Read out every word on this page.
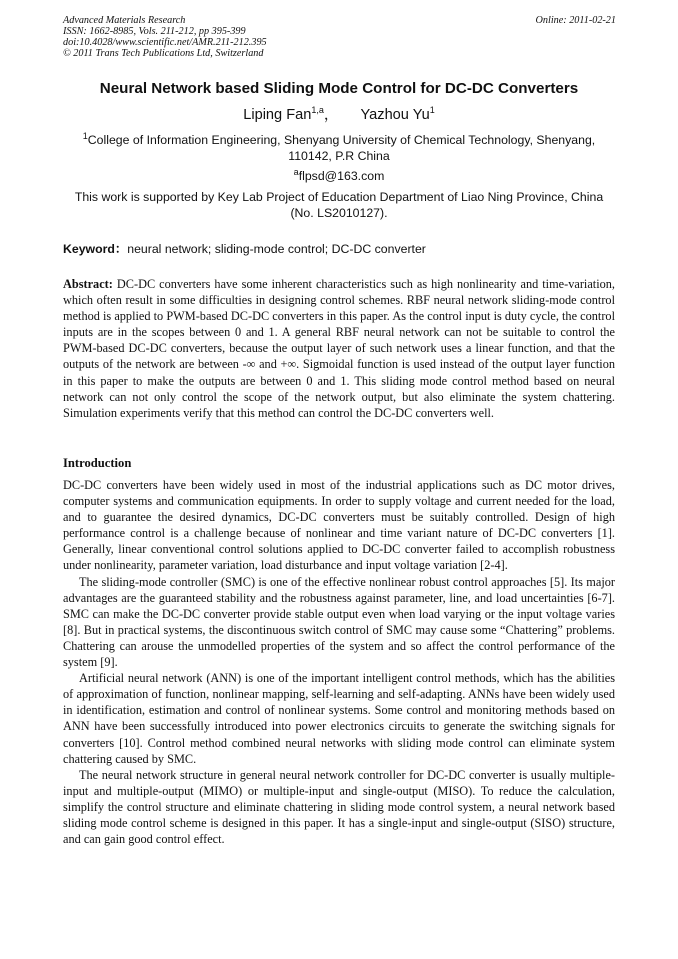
Advanced Materials Research
ISSN: 1662-8985, Vols. 211-212, pp 395-399
doi:10.4028/www.scientific.net/AMR.211-212.395
© 2011 Trans Tech Publications Ltd, Switzerland
Online: 2011-02-21
Neural Network based Sliding Mode Control for DC-DC Converters
Liping Fan$^{1,a}$， Yazhou Yu$^1$
$^1$College of Information Engineering, Shenyang University of Chemical Technology, Shenyang, 110142, P.R China
$^a$flpsd@163.com
This work is supported by Key Lab Project of Education Department of Liao Ning Province, China (No. LS2010127).
Keyword：neural network; sliding-mode control; DC-DC converter
Abstract: DC-DC converters have some inherent characteristics such as high nonlinearity and time-variation, which often result in some difficulties in designing control schemes. RBF neural network sliding-mode control method is applied to PWM-based DC-DC converters in this paper. As the control input is duty cycle, the control inputs are in the scopes between 0 and 1. A general RBF neural network can not be suitable to control the PWM-based DC-DC converters, because the output layer of such network uses a linear function, and that the outputs of the network are between -∞ and +∞. Sigmoidal function is used instead of the output layer function in this paper to make the outputs are between 0 and 1. This sliding mode control method based on neural network can not only control the scope of the network output, but also eliminate the system chattering. Simulation experiments verify that this method can control the DC-DC converters well.
Introduction

DC-DC converters have been widely used in most of the industrial applications such as DC motor drives, computer systems and communication equipments. In order to supply voltage and current needed for the load, and to guarantee the desired dynamics, DC-DC converters must be suitably controlled. Design of high performance control is a challenge because of nonlinear and time variant nature of DC-DC converters [1]. Generally, linear conventional control solutions applied to DC-DC converter failed to accomplish robustness under nonlinearity, parameter variation, load disturbance and input voltage variation [2-4].

The sliding-mode controller (SMC) is one of the effective nonlinear robust control approaches [5]. Its major advantages are the guaranteed stability and the robustness against parameter, line, and load uncertainties [6-7]. SMC can make the DC-DC converter provide stable output even when load varying or the input voltage varies [8]. But in practical systems, the discontinuous switch control of SMC may cause some “Chattering” problems. Chattering can arouse the unmodelled properties of the system and so affect the control performance of the system [9].

Artificial neural network (ANN) is one of the important intelligent control methods, which has the abilities of approximation of function, nonlinear mapping, self-learning and self-adapting. ANNs have been widely used in identification, estimation and control of nonlinear systems. Some control and monitoring methods based on ANN have been successfully introduced into power electronics circuits to generate the switching signals for converters [10]. Control method combined neural networks with sliding mode control can eliminate system chattering caused by SMC.

The neural network structure in general neural network controller for DC-DC converter is usually multiple-input and multiple-output (MIMO) or multiple-input and single-output (MISO). To reduce the calculation, simplify the control structure and eliminate chattering in sliding mode control system, a neural network based sliding mode control scheme is designed in this paper. It has a single-input and single-output (SISO) structure, and can gain good control effect.
